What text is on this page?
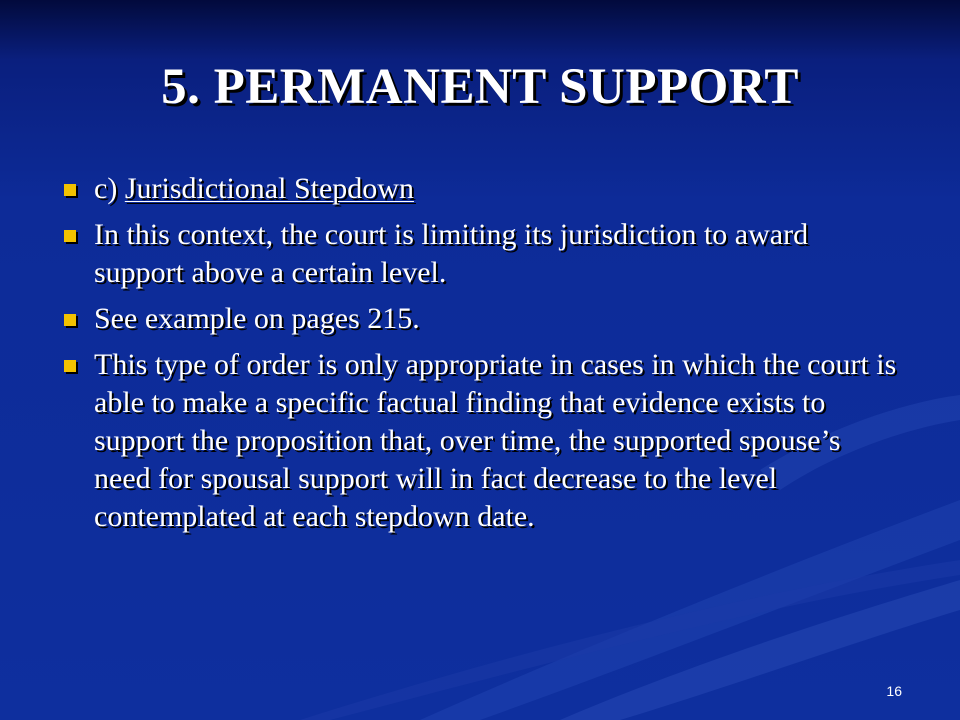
5. PERMANENT SUPPORT
c) Jurisdictional Stepdown
In this context, the court is limiting its jurisdiction to award support above a certain level.
See example on pages 215.
This type of order is only appropriate in cases in which the court is able to make a specific factual finding that evidence exists to support the proposition that, over time, the supported spouse’s need for spousal support will in fact decrease to the level contemplated at each stepdown date.
16
